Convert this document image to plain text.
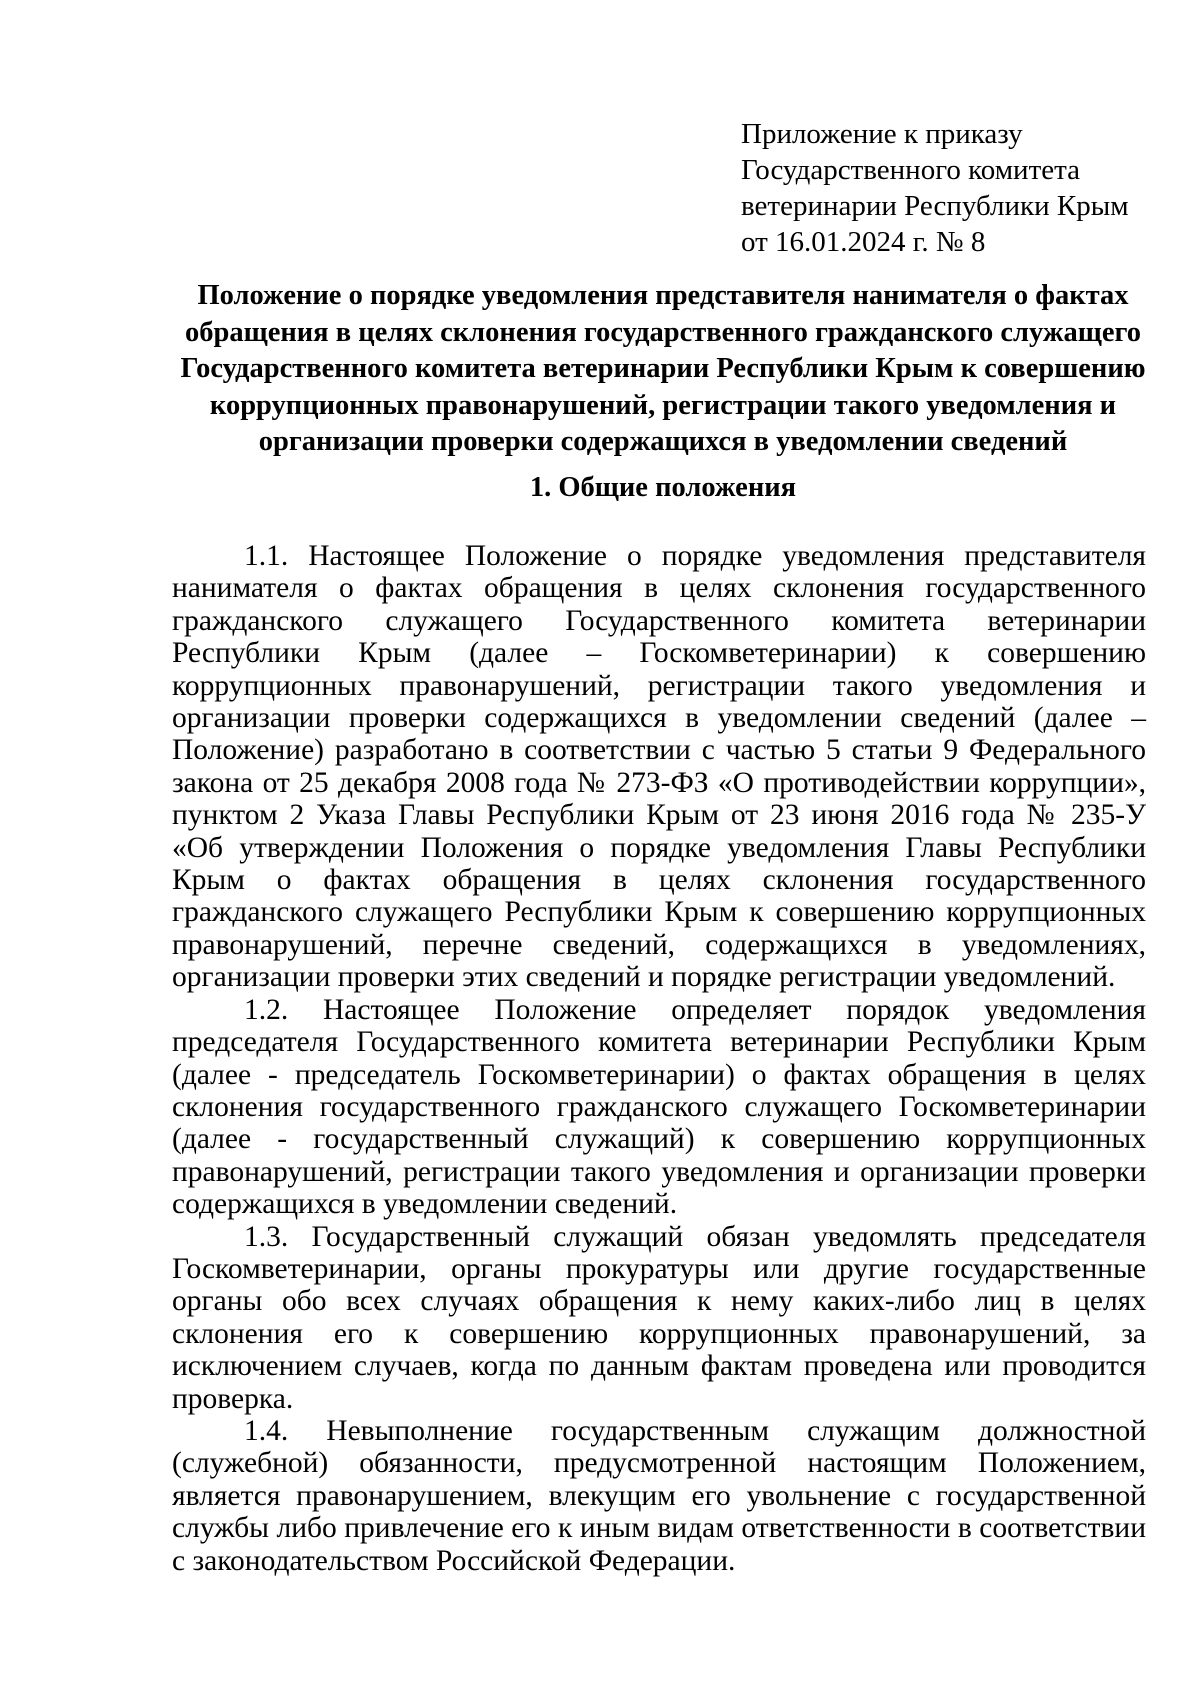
Приложение к приказу
Государственного комитета
ветеринарии Республики Крым
от 16.01.2024 г. № 8
Положение о порядке уведомления представителя нанимателя о фактах
обращения в целях склонения государственного гражданского служащего
Государственного комитета ветеринарии Республики Крым к совершению
коррупционных правонарушений, регистрации такого уведомления и
организации проверки содержащихся в уведомлении сведений
1. Общие положения

1.1. Настоящее Положение о порядке уведомления представителя нанимателя о фактах обращения в целях склонения государственного гражданского служащего Государственного комитета ветеринарии Республики Крым (далее – Госкомветеринарии) к совершению коррупционных правонарушений, регистрации такого уведомления и организации проверки содержащихся в уведомлении сведений (далее – Положение) разработано в соответствии с частью 5 статьи 9 Федерального закона от 25 декабря 2008 года № 273-ФЗ «О противодействии коррупции», пунктом 2 Указа Главы Республики Крым от 23 июня 2016 года № 235-У «Об утверждении Положения о порядке уведомления Главы Республики Крым о фактах обращения в целях склонения государственного гражданского служащего Республики Крым к совершению коррупционных правонарушений, перечне сведений, содержащихся в уведомлениях, организации проверки этих сведений и порядке регистрации уведомлений.

1.2. Настоящее Положение определяет порядок уведомления председателя Государственного комитета ветеринарии Республики Крым (далее - председатель Госкомветеринарии) о фактах обращения в целях склонения государственного гражданского служащего Госкомветеринарии (далее - государственный служащий) к совершению коррупционных правонарушений, регистрации такого уведомления и организации проверки содержащихся в уведомлении сведений.

1.3. Государственный служащий обязан уведомлять председателя Госкомветеринарии, органы прокуратуры или другие государственные органы обо всех случаях обращения к нему каких-либо лиц в целях склонения его к совершению коррупционных правонарушений, за исключением случаев, когда по данным фактам проведена или проводится проверка.

1.4. Невыполнение государственным служащим должностной (служебной) обязанности, предусмотренной настоящим Положением, является правонарушением, влекущим его увольнение с государственной службы либо привлечение его к иным видам ответственности в соответствии с законодательством Российской Федерации.
